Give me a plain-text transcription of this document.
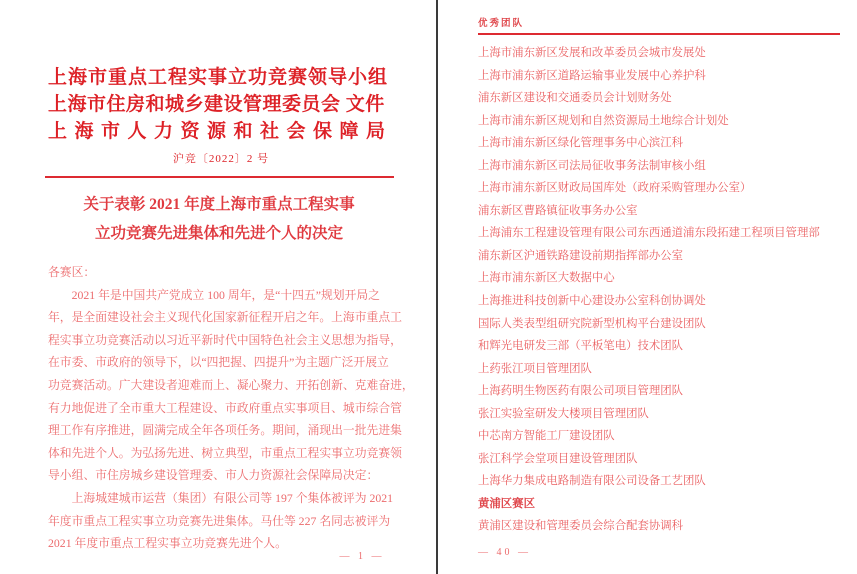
上海市重点工程实事立功竞赛领导小组
上海市住房和城乡建设管理委员会 文件
上海市人力资源和社会保障局
沪竞〔2022〕2 号
关于表彰 2021 年度上海市重点工程实事
立功竞赛先进集体和先进个人的决定
各赛区：
　　2021 年是中国共产党成立 100 周年，是“十四五”规划开局之
年，是全面建设社会主义现代化国家新征程开启之年。上海市重点工
程实事立功竞赛活动以习近平新时代中国特色社会主义思想为指导，
在市委、市政府的领导下，以“四把握、四提升”为主题广泛开展立
功竞赛活动。广大建设者迎难而上、凝心聚力、开拓创新、克难奋进，
有力地促进了全市重大工程建设、市政府重点实事项目、城市综合管
理工作有序推进，圆满完成全年各项任务。期间，涌现出一批先进集
体和先进个人。为弘扬先进、树立典型，市重点工程实事立功竞赛领
导小组、市住房城乡建设管理委、市人力资源社会保障局决定：
　　上海城建城市运营（集团）有限公司等 197 个集体被评为 2021
年度市重点工程实事立功竞赛先进集体。马仕等 227 名同志被评为
2021 年度市重点工程实事立功竞赛先进个人。
— 1 —
优秀团队
上海市浦东新区发展和改革委员会城市发展处
上海市浦东新区道路运输事业发展中心养护科
浦东新区建设和交通委员会计划财务处
上海市浦东新区规划和自然资源局土地综合计划处
上海市浦东新区绿化管理事务中心滨江科
上海市浦东新区司法局征收事务法制审核小组
上海市浦东新区财政局国库处（政府采购管理办公室）
浦东新区曹路镇征收事务办公室
上海浦东工程建设管理有限公司东西通道浦东段拓建工程项目管理部
浦东新区沪通铁路建设前期指挥部办公室
上海市浦东新区大数据中心
上海推进科技创新中心建设办公室科创协调处
国际人类表型组研究院新型机构平台建设团队
和辉光电研发三部（平板笔电）技术团队
上药张江项目管理团队
上海药明生物医药有限公司项目管理团队
张江实验室研发大楼项目管理团队
中芯南方智能工厂建设团队
张江科学会堂项目建设管理团队
上海华力集成电路制造有限公司设备工艺团队
黄浦区赛区
黄浦区建设和管理委员会综合配套协调科
— 40 —
